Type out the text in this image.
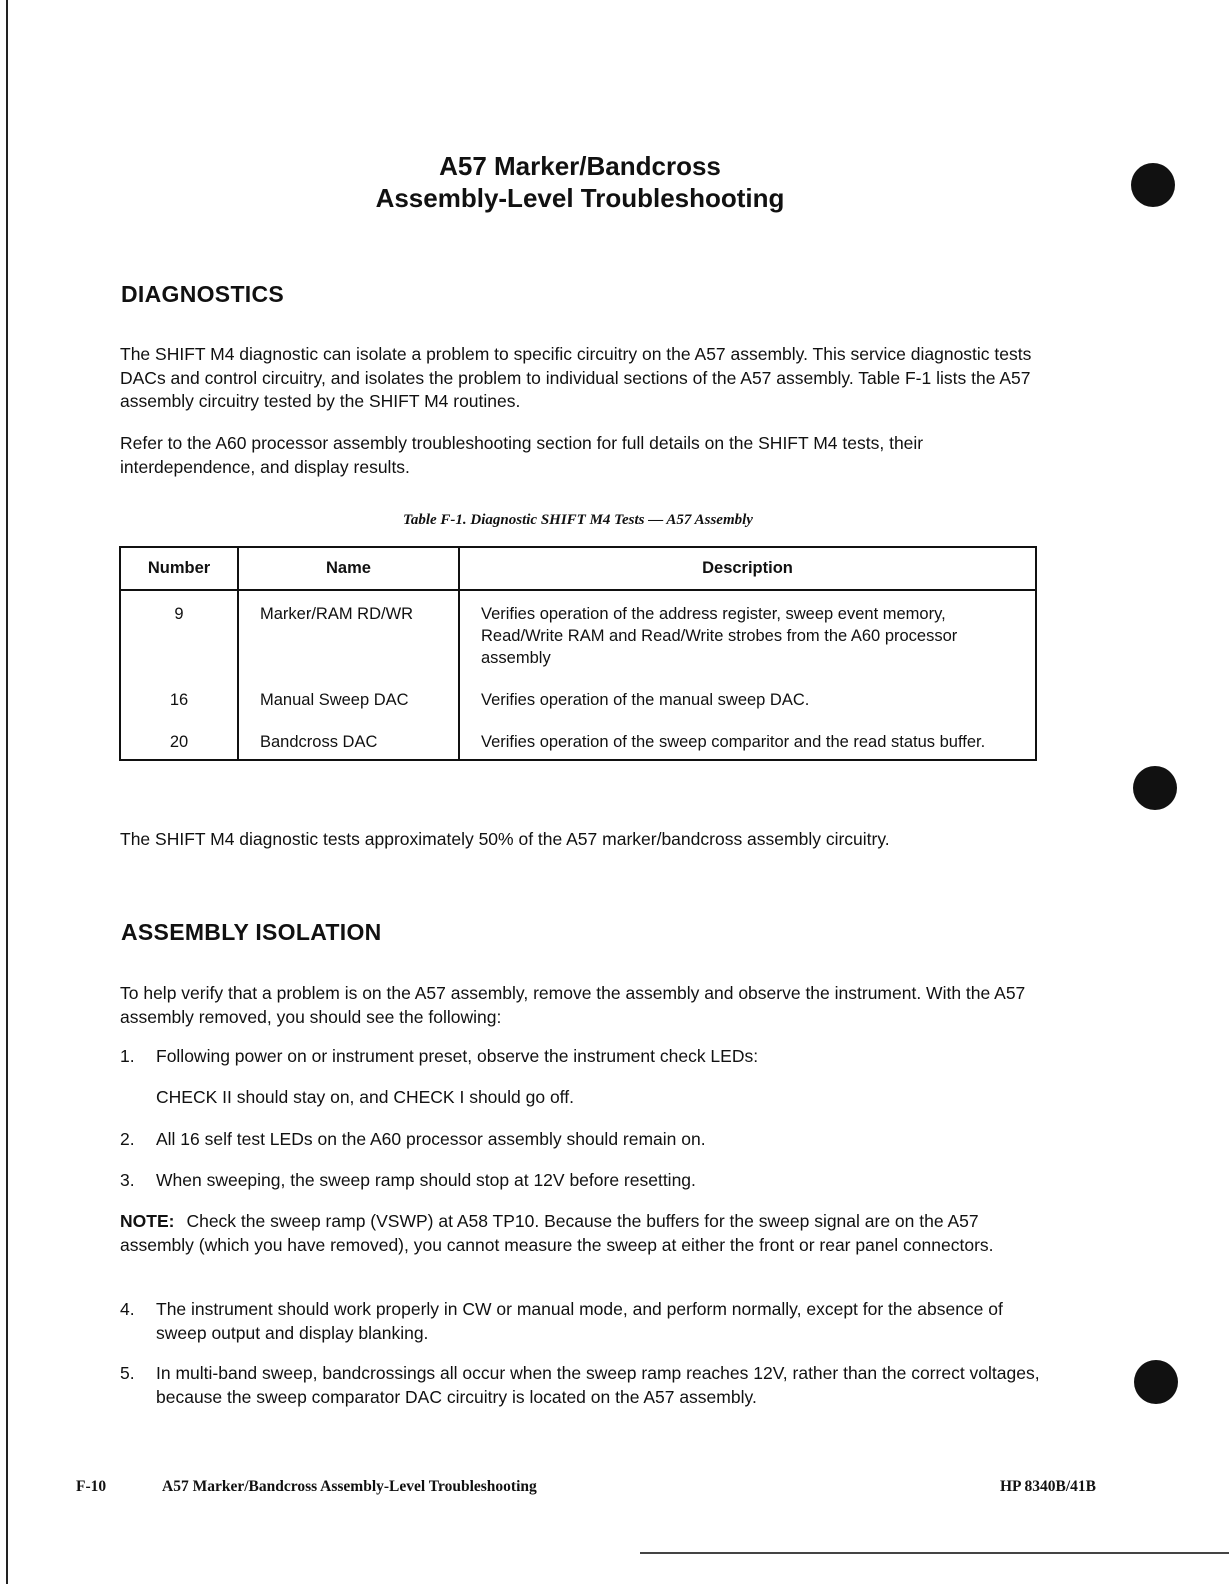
A57 Marker/Bandcross
Assembly-Level Troubleshooting
DIAGNOSTICS
The SHIFT M4 diagnostic can isolate a problem to specific circuitry on the A57 assembly. This service diagnostic tests DACs and control circuitry, and isolates the problem to individual sections of the A57 assembly. Table F-1 lists the A57 assembly circuitry tested by the SHIFT M4 routines.
Refer to the A60 processor assembly troubleshooting section for full details on the SHIFT M4 tests, their interdependence, and display results.
Table F-1. Diagnostic SHIFT M4 Tests — A57 Assembly
Number	Name	Description
9	Marker/RAM RD/WR	Verifies operation of the address register, sweep event memory, Read/Write RAM and Read/Write strobes from the A60 processor assembly
16	Manual Sweep DAC	Verifies operation of the manual sweep DAC.
20	Bandcross DAC	Verifies operation of the sweep comparitor and the read status buffer.
The SHIFT M4 diagnostic tests approximately 50% of the A57 marker/bandcross assembly circuitry.
ASSEMBLY ISOLATION
To help verify that a problem is on the A57 assembly, remove the assembly and observe the instrument. With the A57 assembly removed, you should see the following:
1. Following power on or instrument preset, observe the instrument check LEDs:
CHECK II should stay on, and CHECK I should go off.
2. All 16 self test LEDs on the A60 processor assembly should remain on.
3. When sweeping, the sweep ramp should stop at 12V before resetting.
NOTE: Check the sweep ramp (VSWP) at A58 TP10. Because the buffers for the sweep signal are on the A57 assembly (which you have removed), you cannot measure the sweep at either the front or rear panel connectors.
4. The instrument should work properly in CW or manual mode, and perform normally, except for the absence of sweep output and display blanking.
5. In multi-band sweep, bandcrossings all occur when the sweep ramp reaches 12V, rather than the correct voltages, because the sweep comparator DAC circuitry is located on the A57 assembly.
F-10	A57 Marker/Bandcross Assembly-Level Troubleshooting	HP 8340B/41B
